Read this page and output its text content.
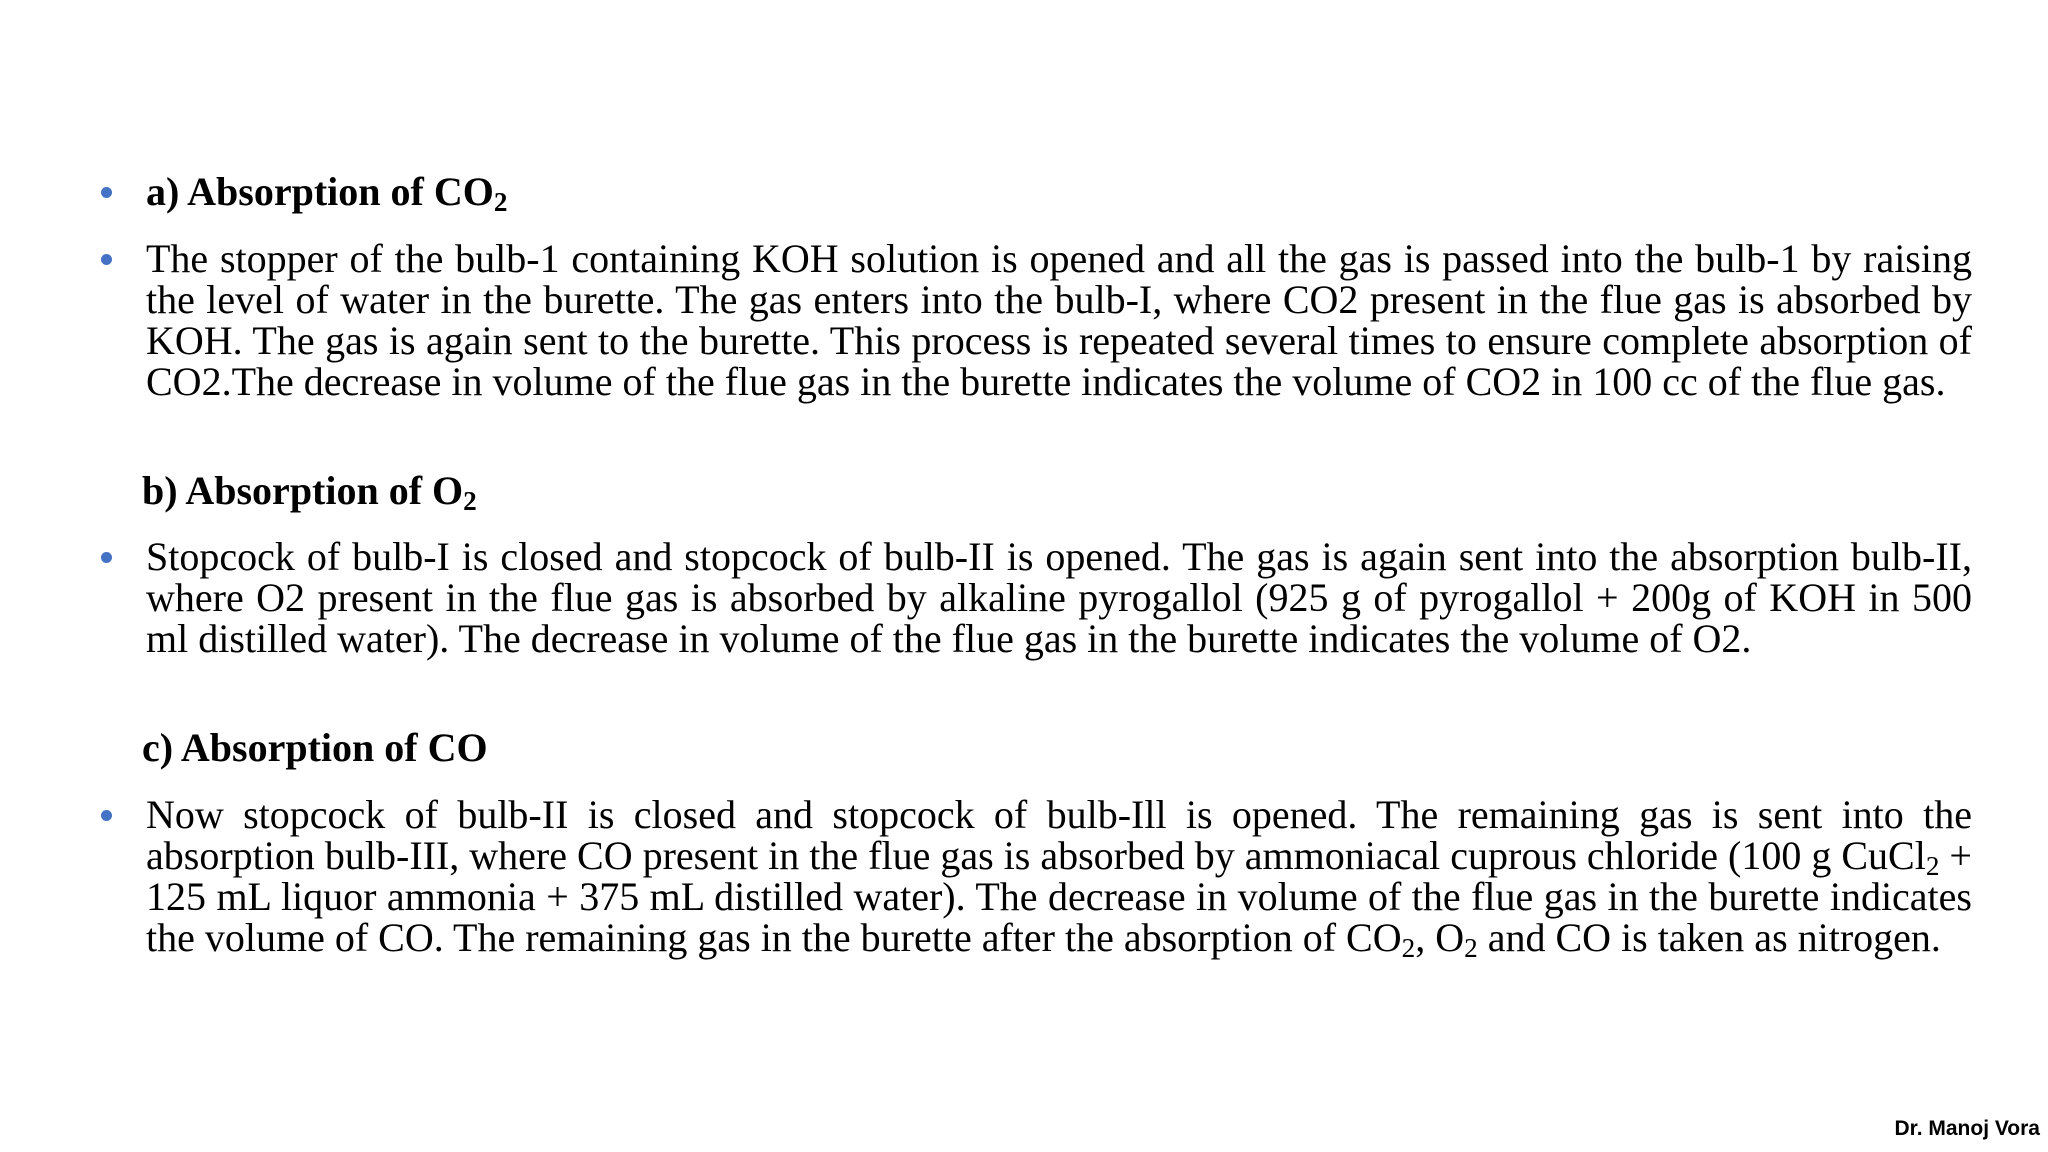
a) Absorption of $CO_2$
The stopper of the bulb-1 containing KOH solution is opened and all the gas is passed into the bulb-1 by raising the level of water in the burette. The gas enters into the bulb-I, where CO2 present in the flue gas is absorbed by KOH. The gas is again sent to the burette. This process is repeated several times to ensure complete absorption of CO2.The decrease in volume of the flue gas in the burette indicates the volume of CO2 in 100 cc of the flue gas.
b) Absorption of $O_2$
Stopcock of bulb-I is closed and stopcock of bulb-II is opened. The gas is again sent into the absorption bulb-II, where O2 present in the flue gas is absorbed by alkaline pyrogallol (925 g of pyrogallol + 200g of KOH in 500 ml distilled water). The decrease in volume of the flue gas in the burette indicates the volume of O2.
c) Absorption of CO
Now stopcock of bulb-II is closed and stopcock of bulb-Ill is opened. The remaining gas is sent into the absorption bulb-III, where CO present in the flue gas is absorbed by ammoniacal cuprous chloride (100 g CuCl$_2$ + 125 mL liquor ammonia + 375 mL distilled water). The decrease in volume of the flue gas in the burette indicates the volume of CO. The remaining gas in the burette after the absorption of $CO_2$, $O_2$ and CO is taken as nitrogen.
Dr. Manoj Vora
